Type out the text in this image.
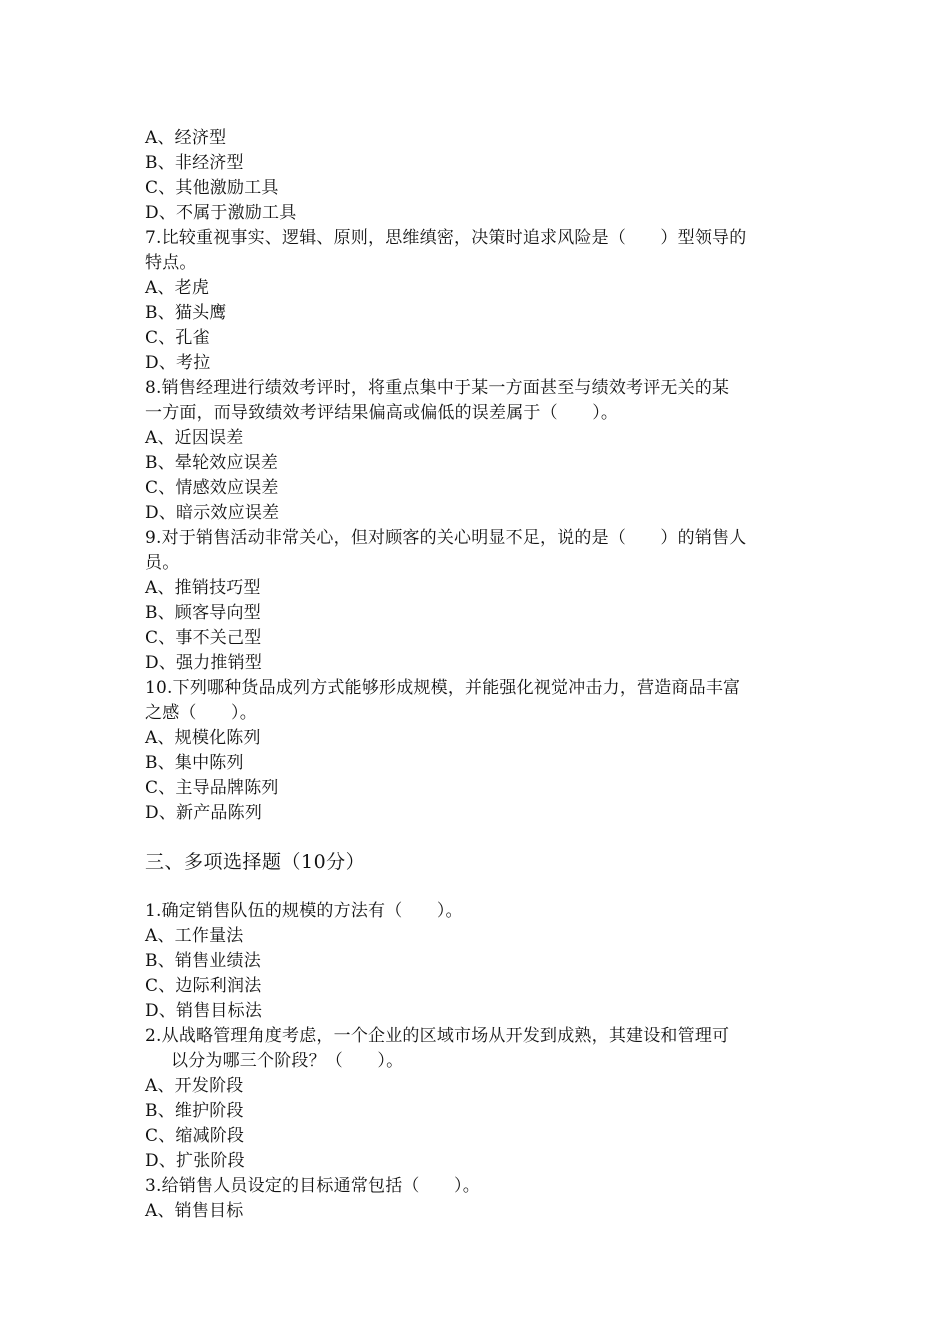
A、经济型
B、非经济型
C、其他激励工具
D、不属于激励工具
7.比较重视事实、逻辑、原则，思维缜密，决策时追求风险是（　　）型领导的
特点。
A、老虎
B、猫头鹰
C、孔雀
D、考拉
8.销售经理进行绩效考评时，将重点集中于某一方面甚至与绩效考评无关的某
一方面，而导致绩效考评结果偏高或偏低的误差属于（　　）。
A、近因误差
B、晕轮效应误差
C、情感效应误差
D、暗示效应误差
9.对于销售活动非常关心，但对顾客的关心明显不足，说的是（　　）的销售人
员。
A、推销技巧型
B、顾客导向型
C、事不关己型
D、强力推销型
10.下列哪种货品成列方式能够形成规模，并能强化视觉冲击力，营造商品丰富
之感（　　）。
A、规模化陈列
B、集中陈列
C、主导品牌陈列
D、新产品陈列
三、多项选择题（10分）
1.确定销售队伍的规模的方法有（　　）。
A、工作量法
B、销售业绩法
C、边际利润法
D、销售目标法
2.从战略管理角度考虑，一个企业的区域市场从开发到成熟，其建设和管理可
以分为哪三个阶段？（　　）。
A、开发阶段
B、维护阶段
C、缩减阶段
D、扩张阶段
3.给销售人员设定的目标通常包括（　　）。
A、销售目标
